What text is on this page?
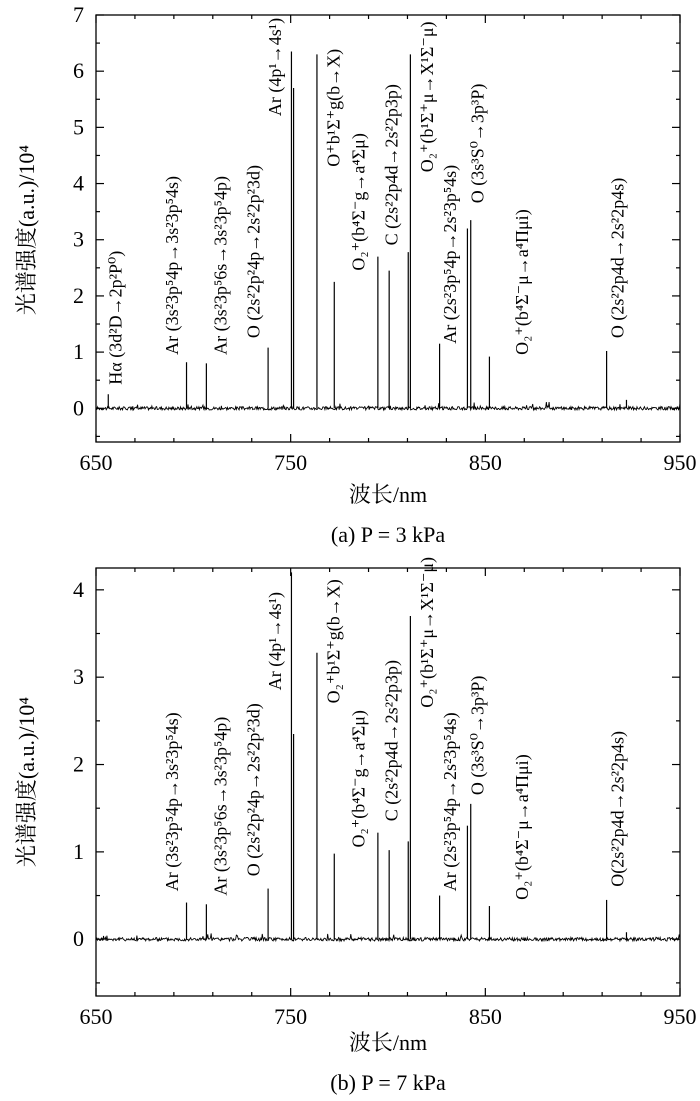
650	750	850	950
0
1
2
3
4
5
6
7
Hα (3d²D→2p²P⁰) Ar (3s²3p⁵4p→3s²3p⁵4s) Ar (3s²3p⁵6s→3s²3p⁵4p) O (2s²2p²4p→2s²2p²3d)
Ar (4p¹→4s¹) O⁺b¹Σ⁺g(b→X)
O₂⁺(b⁴Σ⁻g→a⁴Σμ) C (2s²2p4d→2s²2p3p) O₂⁺(b¹Σ⁺μ→X¹Σ⁻μ)
Ar (2s²3p⁵4p→2s²3p⁵4s)
O (3s³S⁰→3p³P)
O₂⁺(b⁴Σ⁻μ→a⁴Πμi)	O (2s²2p4d→2s²2p4s)
波长/nm
光谱强度(a.u.)/10⁴
(a) P = 3 kPa
650	750	850	950
0
1
2
3
4
Ar (3s²3p⁵4p→3s²3p⁵4s) Ar (3s²3p⁵6s→3s²3p⁵4p) O (2s²2p²4p→2s²2p²3d)
Ar (4p¹→4s¹) O₂⁺b¹Σ⁺g(b→X)
O₂⁺(b⁴Σ⁻g→a⁴Σμ) C (2s²2p4d→2s²2p3p)
O₂⁺(b¹Σ⁺μ→X¹Σ⁻μ)
Ar (2s²3p⁵4p→2s²3p⁵4s) O (3s³S⁰→3p³P)
O₂⁺(b⁴Σ⁻μ→a⁴Πμi)	O(2s²2p4d→2s²2p4s)
波长/nm
光谱强度(a.u.)/10⁴
(b) P = 7 kPa
